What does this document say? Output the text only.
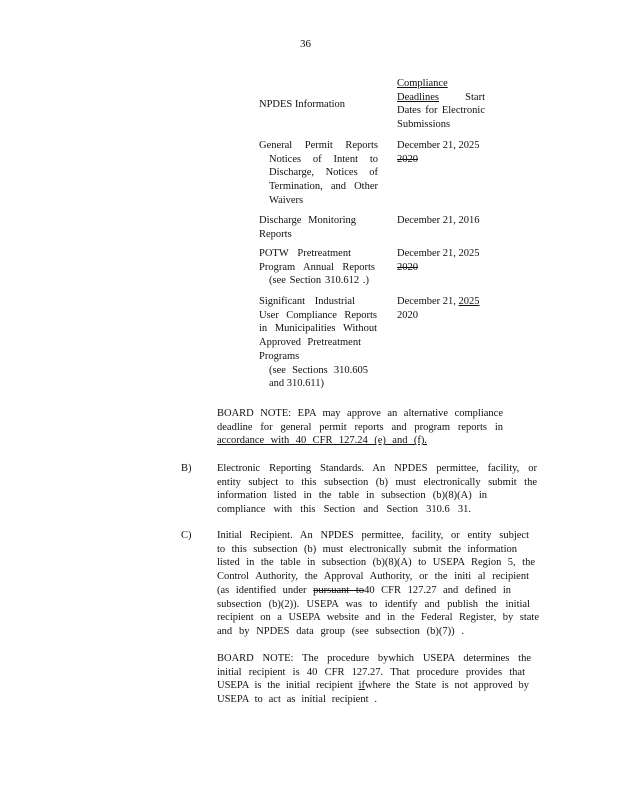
36
NPDES Information
Compliance
Deadlines Start
Dates for Electronic
Submissions
General Permit Reports
Notices of Intent to
Discharge, Notices of
Termination, and Other
Waivers
December 21, 2025
2020
Discharge Monitoring
Reports
December 21, 2016
POTW Pretreatment
Program Annual Reports
(see Section 310.612 .)
December 21, 2025
2020
Significant Industrial
User Compliance Reports
in Municipalities Without
Approved Pretreatment
Programs
(see Sections 310.605
and 310.611)
December 21, 2025
2020
BOARD NOTE: EPA may approve an alternative compliance
deadline for general permit reports and program reports in
accordance with 40 CFR 127.24 (e) and (f).
B) Electronic Reporting Standards. An NPDES permittee, facility, or
entity subject to this subsection (b) must electronically submit the
information listed in the table in subsection (b)(8)(A) in
compliance with this Section and Section 310.6 31.
C) Initial Recipient. An NPDES permittee, facility, or entity subject
to this subsection (b) must electronically submit the information
listed in the table in subsection (b)(8)(A) to USEPA Region 5, the
Control Authority, the Approval Authority, or the initi al recipient
(as identified under pursuant to40 CFR 127.27 and defined in
subsection (b)(2)). USEPA was to identify and publish the initial
recipient on a USEPA website and in the Federal Register, by state
and by NPDES data group (see subsection (b)(7)) .
BOARD NOTE: The procedure bywhich USEPA determines the
initial recipient is 40 CFR 127.27. That procedure provides that
USEPA is the initial recipient ifwhere the State is not approved by
USEPA to act as initial recipient .
